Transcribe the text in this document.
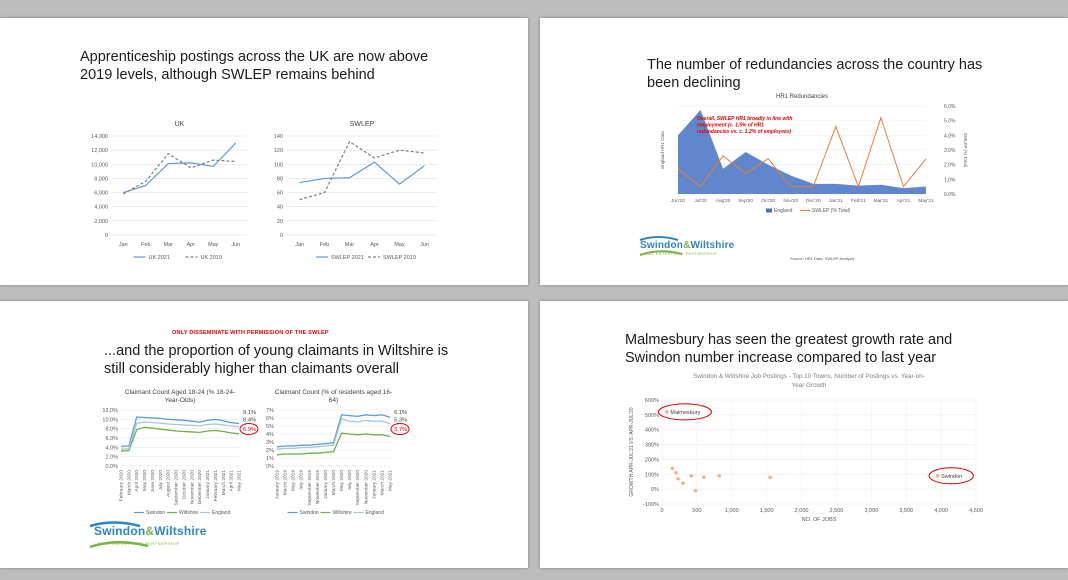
Apprenticeship postings across the UK are now above
2019 levels, although SWLEP remains behind
UK
0
2,000
4,000
6,000
8,000
10,000
12,000
14,000
Jan Feb Mar Apr May Jun
UK 2021	UK 2019
SWLEP
0
20
40
60
80
100
120
140
Jan	Feb	Mar	Apr	May	Jun
SWLEP 2021	SWLEP 2019
The number of redundancies across the country has
been declining
HR1 Redundancies
0.0%
1.0%
2.0%
3.0%
4.0%
5.0%
6.0%
Jun'20 Jul'20 Aug'20 Sep'20 Oct'20 Nov'20 Dec'20 Jan'21 Feb'21 Mar'21 Apr'21 May'21
England HR1 Data	SWLEP (% Total)
Overall, SWLEP HR1 broadly in line with
employment (c. 1.5% of HR1
redundancies vs. c. 1.2% of employees)
England	SWLEP (% Total)
Swindon&Wiltshire
LOCAL ENTERPRISE PARTNERSHIP
Source: HR1 Data, SWLEP Analysis
ONLY DISSEMINATE WITH PERMISSION OF THE SWLEP
...and the proportion of young claimants in Wiltshire is
still considerably higher than claimants overall
Claimant Count Aged 18-24 (% 18-24-
Year-Olds)
0.0%
2.0%
4.0%
6.0%
8.0%
10.0%
12.0%
February 2020 March 2020 April 2020 May 2020 June 2020 July 2020 August 2020 September 2020 October 2020 November 2020 December 2020 January 2021 February 2021 March 2021 April 2021 May 2021
9.1%
8.4%
6.9%
Swindon	Wiltshire	England
Claimant Count (% of residents aged 16-
64)
0%
1%
2%
3%
4%
5%
6%
7%
January 2019 March 2019 May 2019 July 2019 September 2019 November 2019 January 2020 March 2020 May 2020 July 2020 September 2020 November 2020 January 2021 March 2021 May 2021
6.1%
5.3%
3.7%
Swindon	Wiltshire	England
Swindon&Wiltshire
LOCAL ENTERPRISE PARTNERSHIP
Malmesbury has seen the greatest growth rate and
Swindon number increase compared to last year
Swindon & Wiltshire Job Postings - Top 10 Towns, Number of Postings vs. Year-on-
Year Growth
-100%
0%
100%
200%
300%
400%
500%
600%
0	500	1,000	1,500	2,000	2,500	3,000	3,500	4,000	4,500
NO. OF JOBS
GROWTH APR-JUL'21 VS. APR-JUL'20	Malmesbury
Swindon
